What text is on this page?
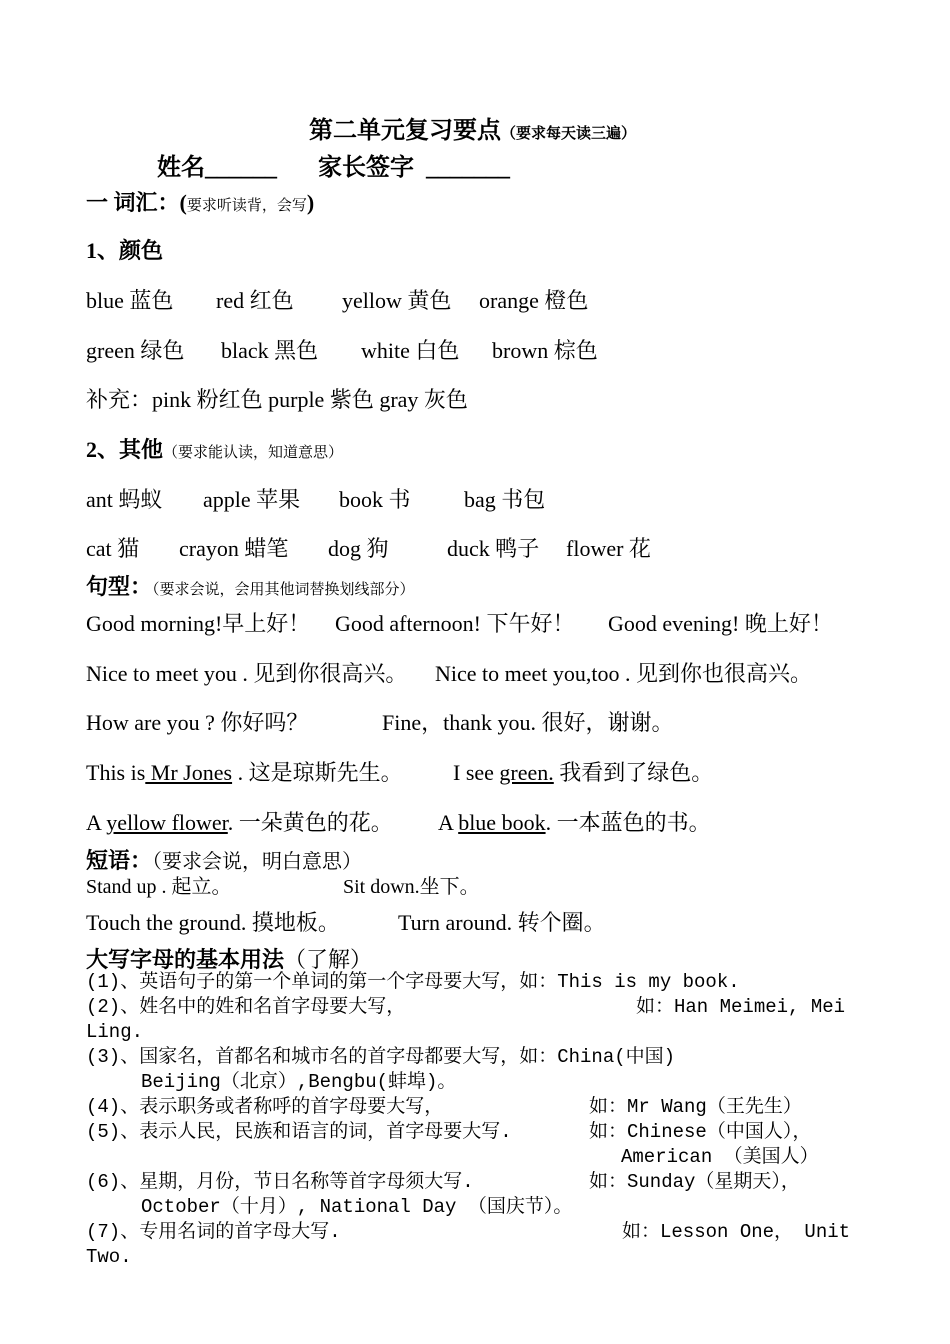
第二单元复习要点（要求每天读三遍）
姓名______ 家长签字 _______
一 词汇：(要求听读背，会写)
1、颜色
blue 蓝色 red 红色 yellow 黄色 orange 橙色
green 绿色 black 黑色 white 白色 brown 棕色
补充：pink 粉红色 purple 紫色 gray 灰色
2、其他（要求能认读，知道意思）
ant 蚂蚁 apple 苹果 book 书 bag 书包
cat 猫 crayon 蜡笔 dog 狗	duck 鸭子 flower 花
句型：（要求会说，会用其他词替换划线部分）
Good morning!早上好！ Good afternoon! 下午好！ Good evening! 晚上好！
Nice to meet you . 见到你很高兴。 Nice to meet you,too . 见到你也很高兴。
How are you ? 你好吗？	Fine，thank you. 很好，谢谢。
This is Mr Jones . 这是琼斯先生。 I see green. 我看到了绿色。
A yellow flower. 一朵黄色的花。 A blue book. 一本蓝色的书。
短语：（要求会说，明白意思）
Stand up . 起立。	Sit down.坐下。
Touch the ground. 摸地板。	Turn around. 转个圈。
大写字母的基本用法（了解）
(1)、英语句子的第一个单词的第一个字母要大写，如：This is my book.
(2)、姓名中的姓和名首字母要大写，	如：Han Meimei, Mei
Ling.
(3)、国家名，首都名和城市名的首字母都要大写，如：China(中国)
Beijing（北京）,Bengbu(蚌埠)。
(4)、表示职务或者称呼的首字母要大写，	如：Mr Wang（王先生）
(5)、表示人民，民族和语言的词，首字母要大写.	如：Chinese（中国人），
American （美国人）
(6)、星期，月份，节日名称等首字母须大写.	如：Sunday（星期天），
October（十月）, National Day （国庆节）。
(7)、专用名词的首字母大写.	如：Lesson One， Unit
Two.
